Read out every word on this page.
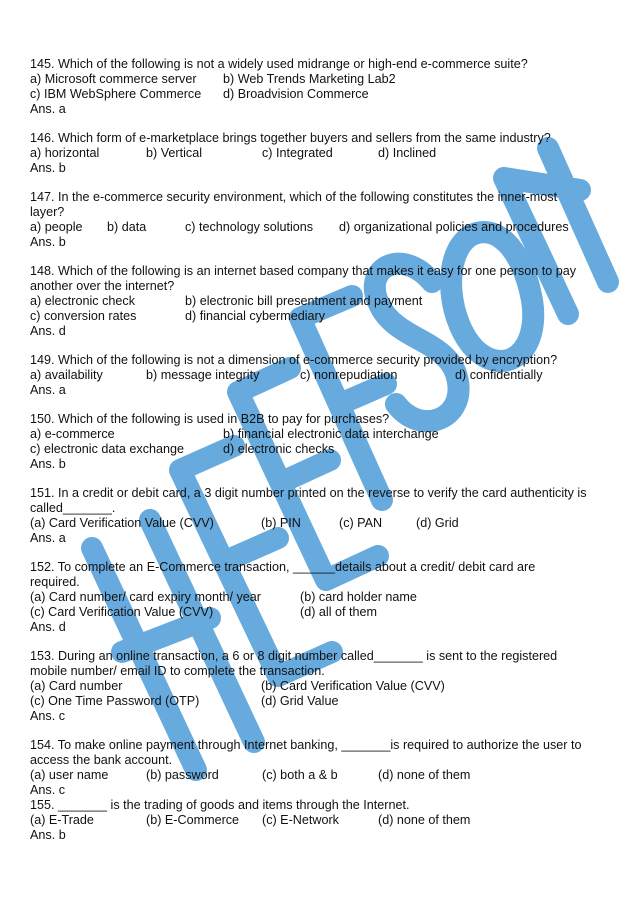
145. Which of the following is not a widely used midrange or high-end e-commerce suite?
a) Microsoft commerce server b) Web Trends Marketing Lab2
c) IBM WebSphere Commerce d) Broadvision Commerce
Ans. a
146. Which form of e-marketplace brings together buyers and sellers from the same industry?
a) horizontal	b) Vertical	c) Integrated	d) Inclined
Ans. b
147. In the e-commerce security environment, which of the following constitutes the inner-most
layer?
a) people b) data	c) technology solutions d) organizational policies and procedures
Ans. b
148. Which of the following is an internet based company that makes it easy for one person to pay
another over the internet?
a) electronic check	b) electronic bill presentment and payment
c) conversion rates	d) financial cybermediary
Ans. d
149. Which of the following is not a dimension of e-commerce security provided by encryption?
a) availability	b) message integrity	c) nonrepudiation	d) confidentially
Ans. a
150. Which of the following is used in B2B to pay for purchases?
a) e-commerce	b) financial electronic data interchange
c) electronic data exchange	d) electronic checks
Ans. b
151. In a credit or debit card, a 3 digit number printed on the reverse to verify the card authenticity is
called_______.
(a) Card Verification Value (CVV)	(b) PIN	(c) PAN	(d) Grid
Ans. a
152. To complete an E-Commerce transaction, ______details about a credit/ debit card are
required.
(a) Card number/ card expiry month/ year	(b) card holder name
(c) Card Verification Value (CVV)	(d) all of them
Ans. d
153. During an online transaction, a 6 or 8 digit number called_______ is sent to the registered
mobile number/ email ID to complete the transaction.
(a) Card number	(b) Card Verification Value (CVV)
(c) One Time Password (OTP)	(d) Grid Value
Ans. c
154. To make online payment through Internet banking, _______is required to authorize the user to
access the bank account.
(a) user name	(b) password	(c) both a & b	(d) none of them
Ans. c
155. _______ is the trading of goods and items through the Internet.
(a) E-Trade	(b) E-Commerce (c) E-Network	(d) none of them
Ans. b
